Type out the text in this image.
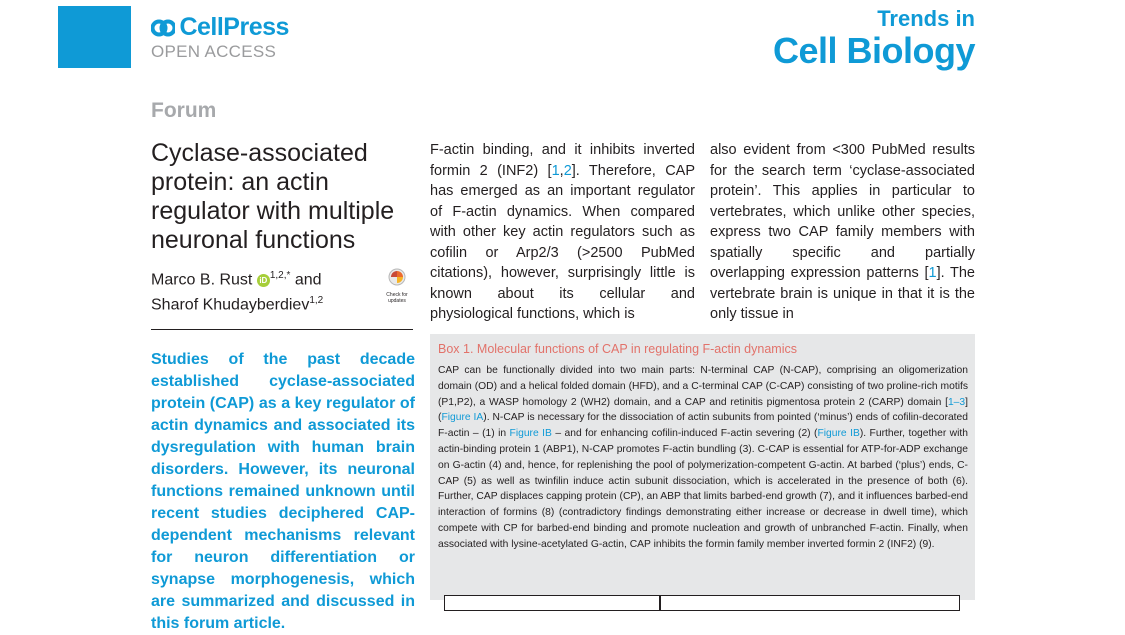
CellPress
OPEN ACCESS
Trends in
Cell Biology
Forum
Cyclase-associated protein: an actin regulator with multiple neuronal functions
Marco B. Rust iD $^{1,2,*}$ and
Sharof Khudayberdiev$^{1,2}$
Check for updates
Studies of the past decade established cyclase-associated protein (CAP) as a key regulator of actin dynamics and associated its dysregulation with human brain disorders. However, its neuronal functions remained unknown until recent studies deciphered CAP-dependent mechanisms relevant for neuron differentiation or synapse morphogenesis, which are summarized and discussed in this forum article.
F-actin binding, and it inhibits inverted formin 2 (INF2) [1,2]. Therefore, CAP has emerged as an important regulator of F-actin dynamics. When compared with other key actin regulators such as cofilin or Arp2/3 (>2500 PubMed citations), however, surprisingly little is known about its cellular and physiological functions, which is
also evident from <300 PubMed results for the search term ‘cyclase-associated protein’. This applies in particular to vertebrates, which unlike other species, express two CAP family members with spatially specific and partially overlapping expression patterns [1]. The vertebrate brain is unique in that it is the only tissue in
Box 1. Molecular functions of CAP in regulating F-actin dynamics
CAP can be functionally divided into two main parts: N-terminal CAP (N-CAP), comprising an oligomerization domain (OD) and a helical folded domain (HFD), and a C-terminal CAP (C-CAP) consisting of two proline-rich motifs (P1,P2), a WASP homology 2 (WH2) domain, and a CAP and retinitis pigmentosa protein 2 (CARP) domain [1–3] (Figure IA). N-CAP is necessary for the dissociation of actin subunits from pointed (‘minus’) ends of cofilin-decorated F-actin – (1) in Figure IB – and for enhancing cofilin-induced F-actin severing (2) (Figure IB). Further, together with actin-binding protein 1 (ABP1), N-CAP promotes F-actin bundling (3). C-CAP is essential for ATP-for-ADP exchange on G-actin (4) and, hence, for replenishing the pool of polymerization-competent G-actin. At barbed (‘plus’) ends, C-CAP (5) as well as twinfilin induce actin subunit dissociation, which is accelerated in the presence of both (6). Further, CAP displaces capping protein (CP), an ABP that limits barbed-end growth (7), and it influences barbed-end interaction of formins (8) (contradictory findings demonstrating either increase or decrease in dwell time), which compete with CP for barbed-end binding and promote nucleation and growth of unbranched F-actin. Finally, when associated with lysine-acetylated G-actin, CAP inhibits the formin family member inverted formin 2 (INF2) (9).
